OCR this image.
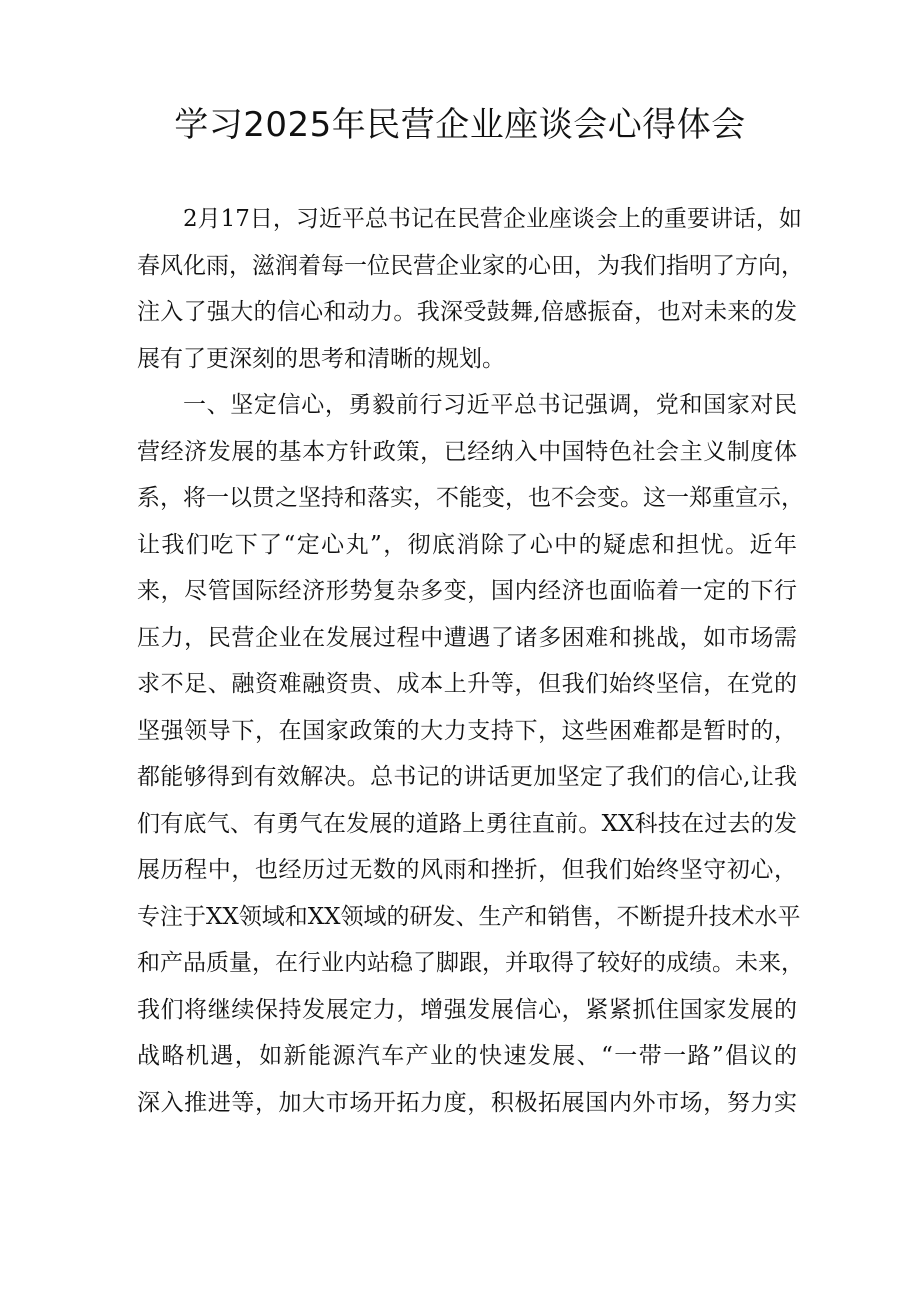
学习2025年民营企业座谈会心得体会
2月17日，习近平总书记在民营企业座谈会上的重要讲话，如
春风化雨，滋润着每一位民营企业家的心田，为我们指明了方向，
注入了强大的信心和动力。我深受鼓舞,倍感振奋，也对未来的发
展有了更深刻的思考和清晰的规划。
一、坚定信心，勇毅前行习近平总书记强调，党和国家对民
营经济发展的基本方针政策，已经纳入中国特色社会主义制度体
系，将一以贯之坚持和落实，不能变，也不会变。这一郑重宣示，
让我们吃下了“定心丸”，彻底消除了心中的疑虑和担忧。近年
来，尽管国际经济形势复杂多变，国内经济也面临着一定的下行
压力，民营企业在发展过程中遭遇了诸多困难和挑战，如市场需
求不足、融资难融资贵、成本上升等，但我们始终坚信，在党的
坚强领导下，在国家政策的大力支持下，这些困难都是暂时的，
都能够得到有效解决。总书记的讲话更加坚定了我们的信心,让我
们有底气、有勇气在发展的道路上勇往直前。XX科技在过去的发
展历程中，也经历过无数的风雨和挫折，但我们始终坚守初心，
专注于XX领域和XX领域的研发、生产和销售，不断提升技术水平
和产品质量，在行业内站稳了脚跟，并取得了较好的成绩。未来，
我们将继续保持发展定力，增强发展信心，紧紧抓住国家发展的
战略机遇，如新能源汽车产业的快速发展、“一带一路”倡议的
深入推进等，加大市场开拓力度，积极拓展国内外市场，努力实
